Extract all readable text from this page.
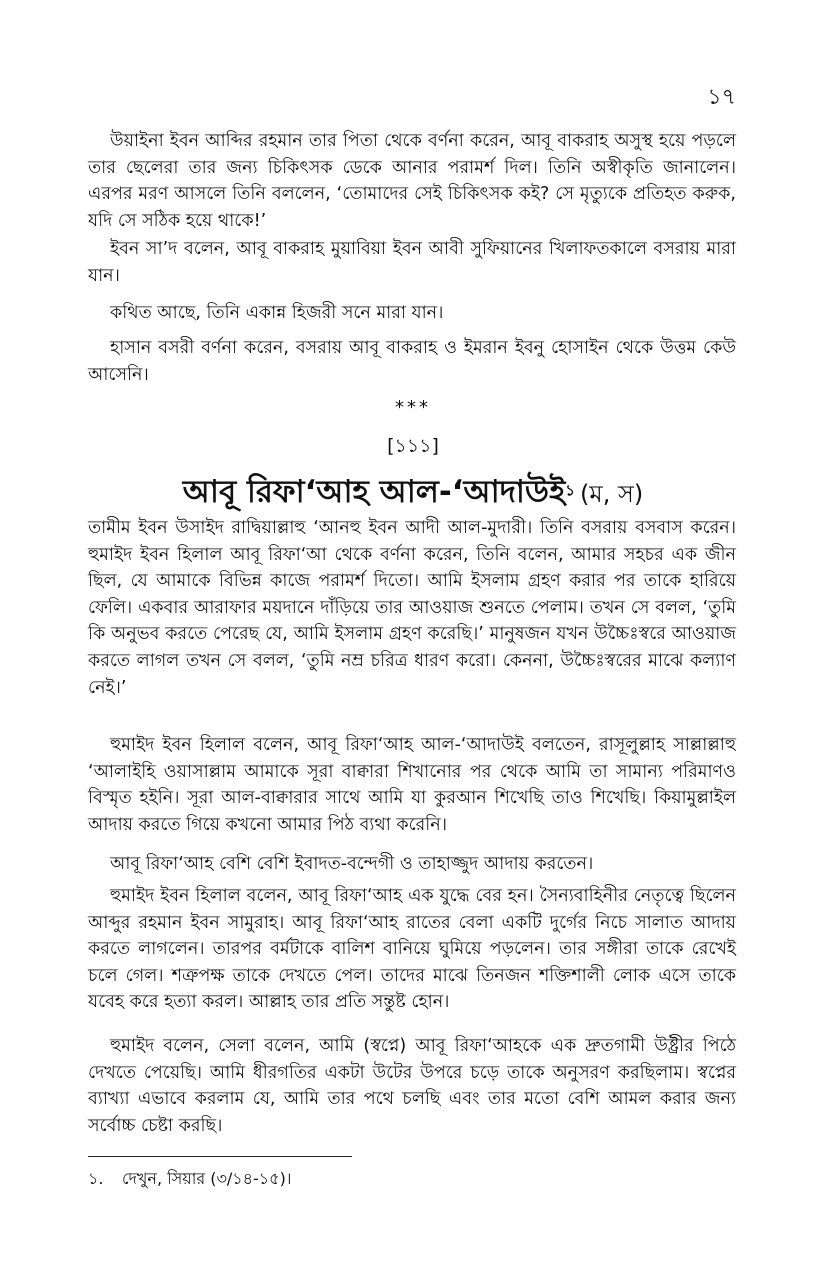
১৭

উয়াইনা ইবন আব্দির রহমান তার পিতা থেকে বর্ণনা করেন, আবূ বাকরাহ অসুস্থ হয়ে পড়লে তার ছেলেরা তার জন্য চিকিৎসক ডেকে আনার পরামর্শ দিল। তিনি অস্বীকৃতি জানালেন। এরপর মরণ আসলে তিনি বললেন, ‘তোমাদের সেই চিকিৎসক কই? সে মৃত্যুকে প্রতিহত করুক, যদি সে সঠিক হয়ে থাকে!’

ইবন সা’দ বলেন, আবূ বাকরাহ মুয়াবিয়া ইবন আবী সুফিয়ানের খিলাফতকালে বসরায় মারা যান।

কথিত আছে, তিনি একান্ন হিজরী সনে মারা যান।

হাসান বসরী বর্ণনা করেন, বসরায় আবূ বাকরাহ ও ইমরান ইবনু হোসাইন থেকে উত্তম কেউ আসেনি।

***
[১১১]
আবূ রিফা‘আহ আল-‘আদাউই১ (ম, স)

তামীম ইবন উসাইদ রাদ্বিয়াল্লাহু ‘আনহু ইবন আদী আল-মুদারী। তিনি বসরায় বসবাস করেন। হুমাইদ ইবন হিলাল আবূ রিফা‘আ থেকে বর্ণনা করেন, তিনি বলেন, আমার সহচর এক জীন ছিল, যে আমাকে বিভিন্ন কাজে পরামর্শ দিতো। আমি ইসলাম গ্রহণ করার পর তাকে হারিয়ে ফেলি। একবার আরাফার ময়দানে দাঁড়িয়ে তার আওয়াজ শুনতে পেলাম। তখন সে বলল, ‘তুমি কি অনুভব করতে পেরেছ যে, আমি ইসলাম গ্রহণ করেছি।’ মানুষজন যখন উচ্চৈঃস্বরে আওয়াজ করতে লাগল তখন সে বলল, ‘তুমি নম্র চরিত্র ধারণ করো। কেননা, উচ্চৈঃস্বরের মাঝে কল্যাণ নেই।’

হুমাইদ ইবন হিলাল বলেন, আবূ রিফা‘আহ আল-‘আদাউই বলতেন, রাসূলুল্লাহ সাল্লাল্লাহু ‘আলাইহি ওয়াসাল্লাম আমাকে সূরা বাক্বারা শিখানোর পর থেকে আমি তা সামান্য পরিমাণও বিস্মৃত হইনি। সূরা আল-বাক্বারার সাথে আমি যা কুরআন শিখেছি তাও শিখেছি। কিয়ামুল্লাইল আদায় করতে গিয়ে কখনো আমার পিঠ ব্যথা করেনি।

আবূ রিফা‘আহ বেশি বেশি ইবাদত-বন্দেগী ও তাহাজ্জুদ আদায় করতেন।

হুমাইদ ইবন হিলাল বলেন, আবূ রিফা‘আহ এক যুদ্ধে বের হন। সৈন্যবাহিনীর নেতৃত্বে ছিলেন আব্দুর রহমান ইবন সামুরাহ। আবূ রিফা‘আহ রাতের বেলা একটি দুর্গের নিচে সালাত আদায় করতে লাগলেন। তারপর বর্মটাকে বালিশ বানিয়ে ঘুমিয়ে পড়লেন। তার সঙ্গীরা তাকে রেখেই চলে গেল। শত্রুপক্ষ তাকে দেখতে পেল। তাদের মাঝে তিনজন শক্তিশালী লোক এসে তাকে যবেহ করে হত্যা করল। আল্লাহ তার প্রতি সন্তুষ্ট হোন।

হুমাইদ বলেন, সেলা বলেন, আমি (স্বপ্নে) আবূ রিফা‘আহকে এক দ্রুতগামী উষ্ট্রীর পিঠে দেখতে পেয়েছি। আমি ধীরগতির একটা উটের উপরে চড়ে তাকে অনুসরণ করছিলাম। স্বপ্নের ব্যাখ্যা এভাবে করলাম যে, আমি তার পথে চলছি এবং তার মতো বেশি আমল করার জন্য সর্বোচ্চ চেষ্টা করছি।

১. দেখুন, সিয়ার (৩/১৪-১৫)।
